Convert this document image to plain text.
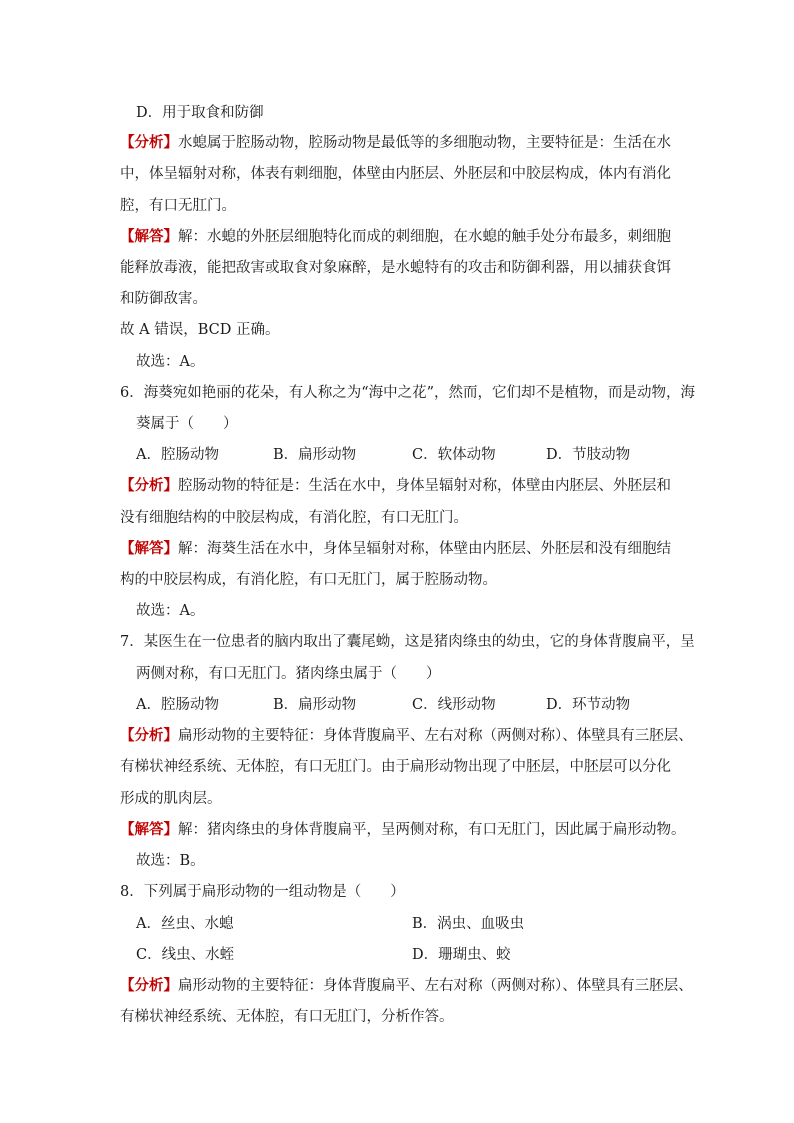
D．用于取食和防御
【分析】水螅属于腔肠动物，腔肠动物是最低等的多细胞动物，主要特征是：生活在水
中，体呈辐射对称，体表有刺细胞，体壁由内胚层、外胚层和中胶层构成，体内有消化
腔，有口无肛门。
【解答】解：水螅的外胚层细胞特化而成的刺细胞，在水螅的触手处分布最多，刺细胞
能释放毒液，能把敌害或取食对象麻醉，是水螅特有的攻击和防御利器，用以捕获食饵
和防御敌害。
故 A 错误，BCD 正确。
故选：A。
6．海葵宛如艳丽的花朵，有人称之为“海中之花”，然而，它们却不是植物，而是动物，海
葵属于（　　）
A．腔肠动物	B．扁形动物	C．软体动物	D．节肢动物
【分析】腔肠动物的特征是：生活在水中，身体呈辐射对称，体壁由内胚层、外胚层和
没有细胞结构的中胶层构成，有消化腔，有口无肛门。
【解答】解：海葵生活在水中，身体呈辐射对称，体壁由内胚层、外胚层和没有细胞结
构的中胶层构成，有消化腔，有口无肛门，属于腔肠动物。
故选：A。
7．某医生在一位患者的脑内取出了囊尾蚴，这是猪肉绦虫的幼虫，它的身体背腹扁平，呈
两侧对称，有口无肛门。猪肉绦虫属于（　　）
A．腔肠动物	B．扁形动物	C．线形动物	D．环节动物
【分析】扁形动物的主要特征：身体背腹扁平、左右对称（两侧对称）、体壁具有三胚层、
有梯状神经系统、无体腔，有口无肛门。由于扁形动物出现了中胚层，中胚层可以分化
形成的肌肉层。
【解答】解：猪肉绦虫的身体背腹扁平，呈两侧对称，有口无肛门，因此属于扁形动物。
故选：B。
8．下列属于扁形动物的一组动物是（　　）
A．丝虫、水螅	B．涡虫、血吸虫
C．线虫、水蛭	D．珊瑚虫、蛟
【分析】扁形动物的主要特征：身体背腹扁平、左右对称（两侧对称）、体壁具有三胚层、
有梯状神经系统、无体腔，有口无肛门，分析作答。
